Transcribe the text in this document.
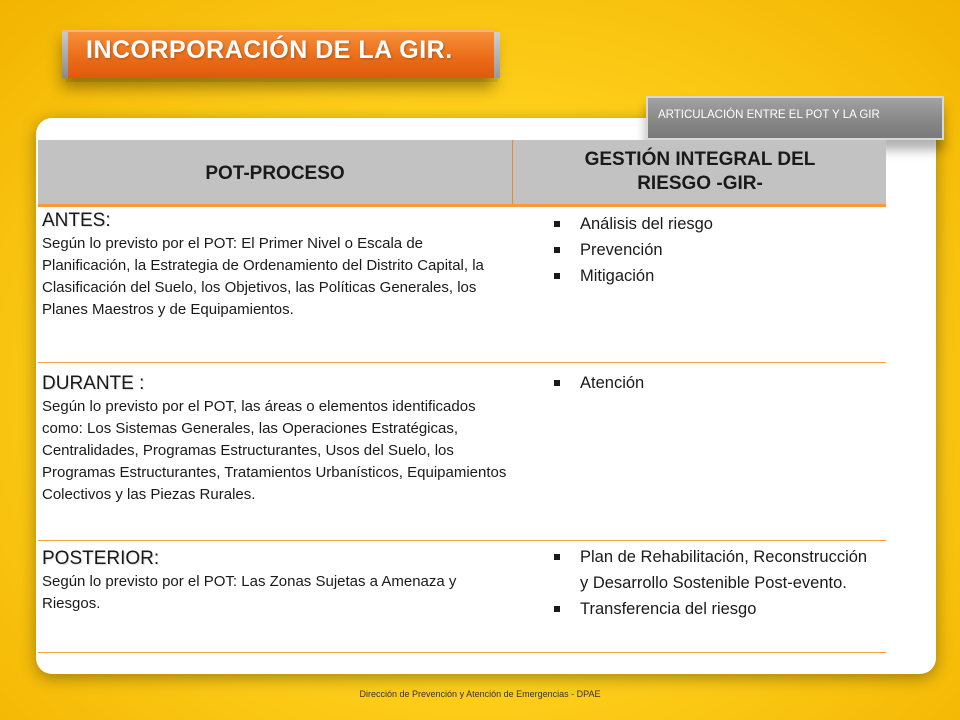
INCORPORACIÓN DE LA GIR.
ARTICULACIÓN ENTRE EL POT Y LA GIR
POT-PROCESO
GESTIÓN INTEGRAL DEL RIESGO -GIR-
ANTES:
Según lo previsto por el POT: El Primer Nivel o Escala de Planificación, la Estrategia de Ordenamiento del Distrito Capital, la Clasificación del Suelo, los Objetivos, las Políticas Generales, los Planes Maestros y de Equipamientos.
Análisis del riesgo
Prevención
Mitigación
DURANTE :
Según lo previsto por el POT, las áreas o elementos identificados como: Los Sistemas Generales, las Operaciones Estratégicas, Centralidades, Programas Estructurantes, Usos del Suelo, los Programas Estructurantes, Tratamientos Urbanísticos, Equipamientos Colectivos y las Piezas Rurales.
Atención
POSTERIOR:
Según lo previsto por el POT: Las Zonas Sujetas a Amenaza y Riesgos.
Plan de Rehabilitación, Reconstrucción y Desarrollo Sostenible Post-evento.
Transferencia del riesgo
Dirección de Prevención y Atención de Emergencias - DPAE
